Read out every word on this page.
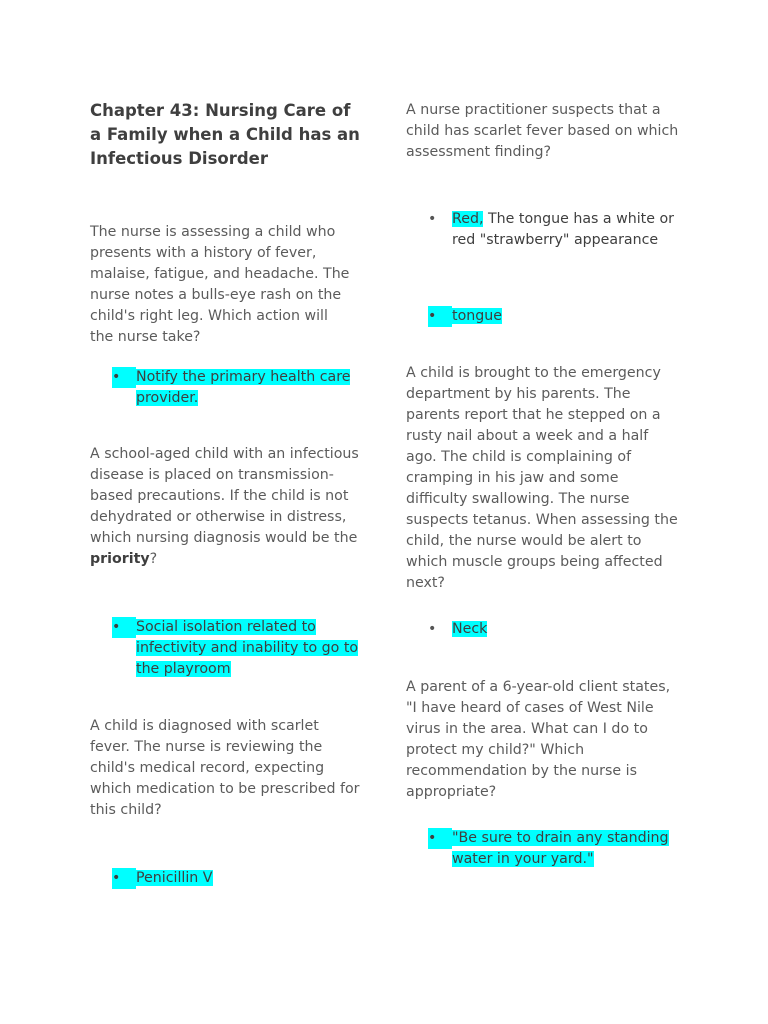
Chapter 43: Nursing Care of a Family when a Child has an Infectious Disorder

The nurse is assessing a child who presents with a history of fever, malaise, fatigue, and headache. The nurse notes a bulls-eye rash on the child's right leg. Which action will the nurse take?

•	Notify the primary health care provider.

A school-aged child with an infectious disease is placed on transmission-based precautions. If the child is not dehydrated or otherwise in distress, which nursing diagnosis would be the priority?

•	Social isolation related to infectivity and inability to go to the playroom

A child is diagnosed with scarlet fever. The nurse is reviewing the child's medical record, expecting which medication to be prescribed for this child?

•	Penicillin V

A nurse practitioner suspects that a child has scarlet fever based on which assessment finding?

•	Red, The tongue has a white or red "strawberry" appearance
•	tongue

A child is brought to the emergency department by his parents. The parents report that he stepped on a rusty nail about a week and a half ago. The child is complaining of cramping in his jaw and some difficulty swallowing. The nurse suspects tetanus. When assessing the child, the nurse would be alert to which muscle groups being affected next?

•	Neck

A parent of a 6-year-old client states, "I have heard of cases of West Nile virus in the area. What can I do to protect my child?" Which recommendation by the nurse is appropriate?

•	"Be sure to drain any standing water in your yard."
